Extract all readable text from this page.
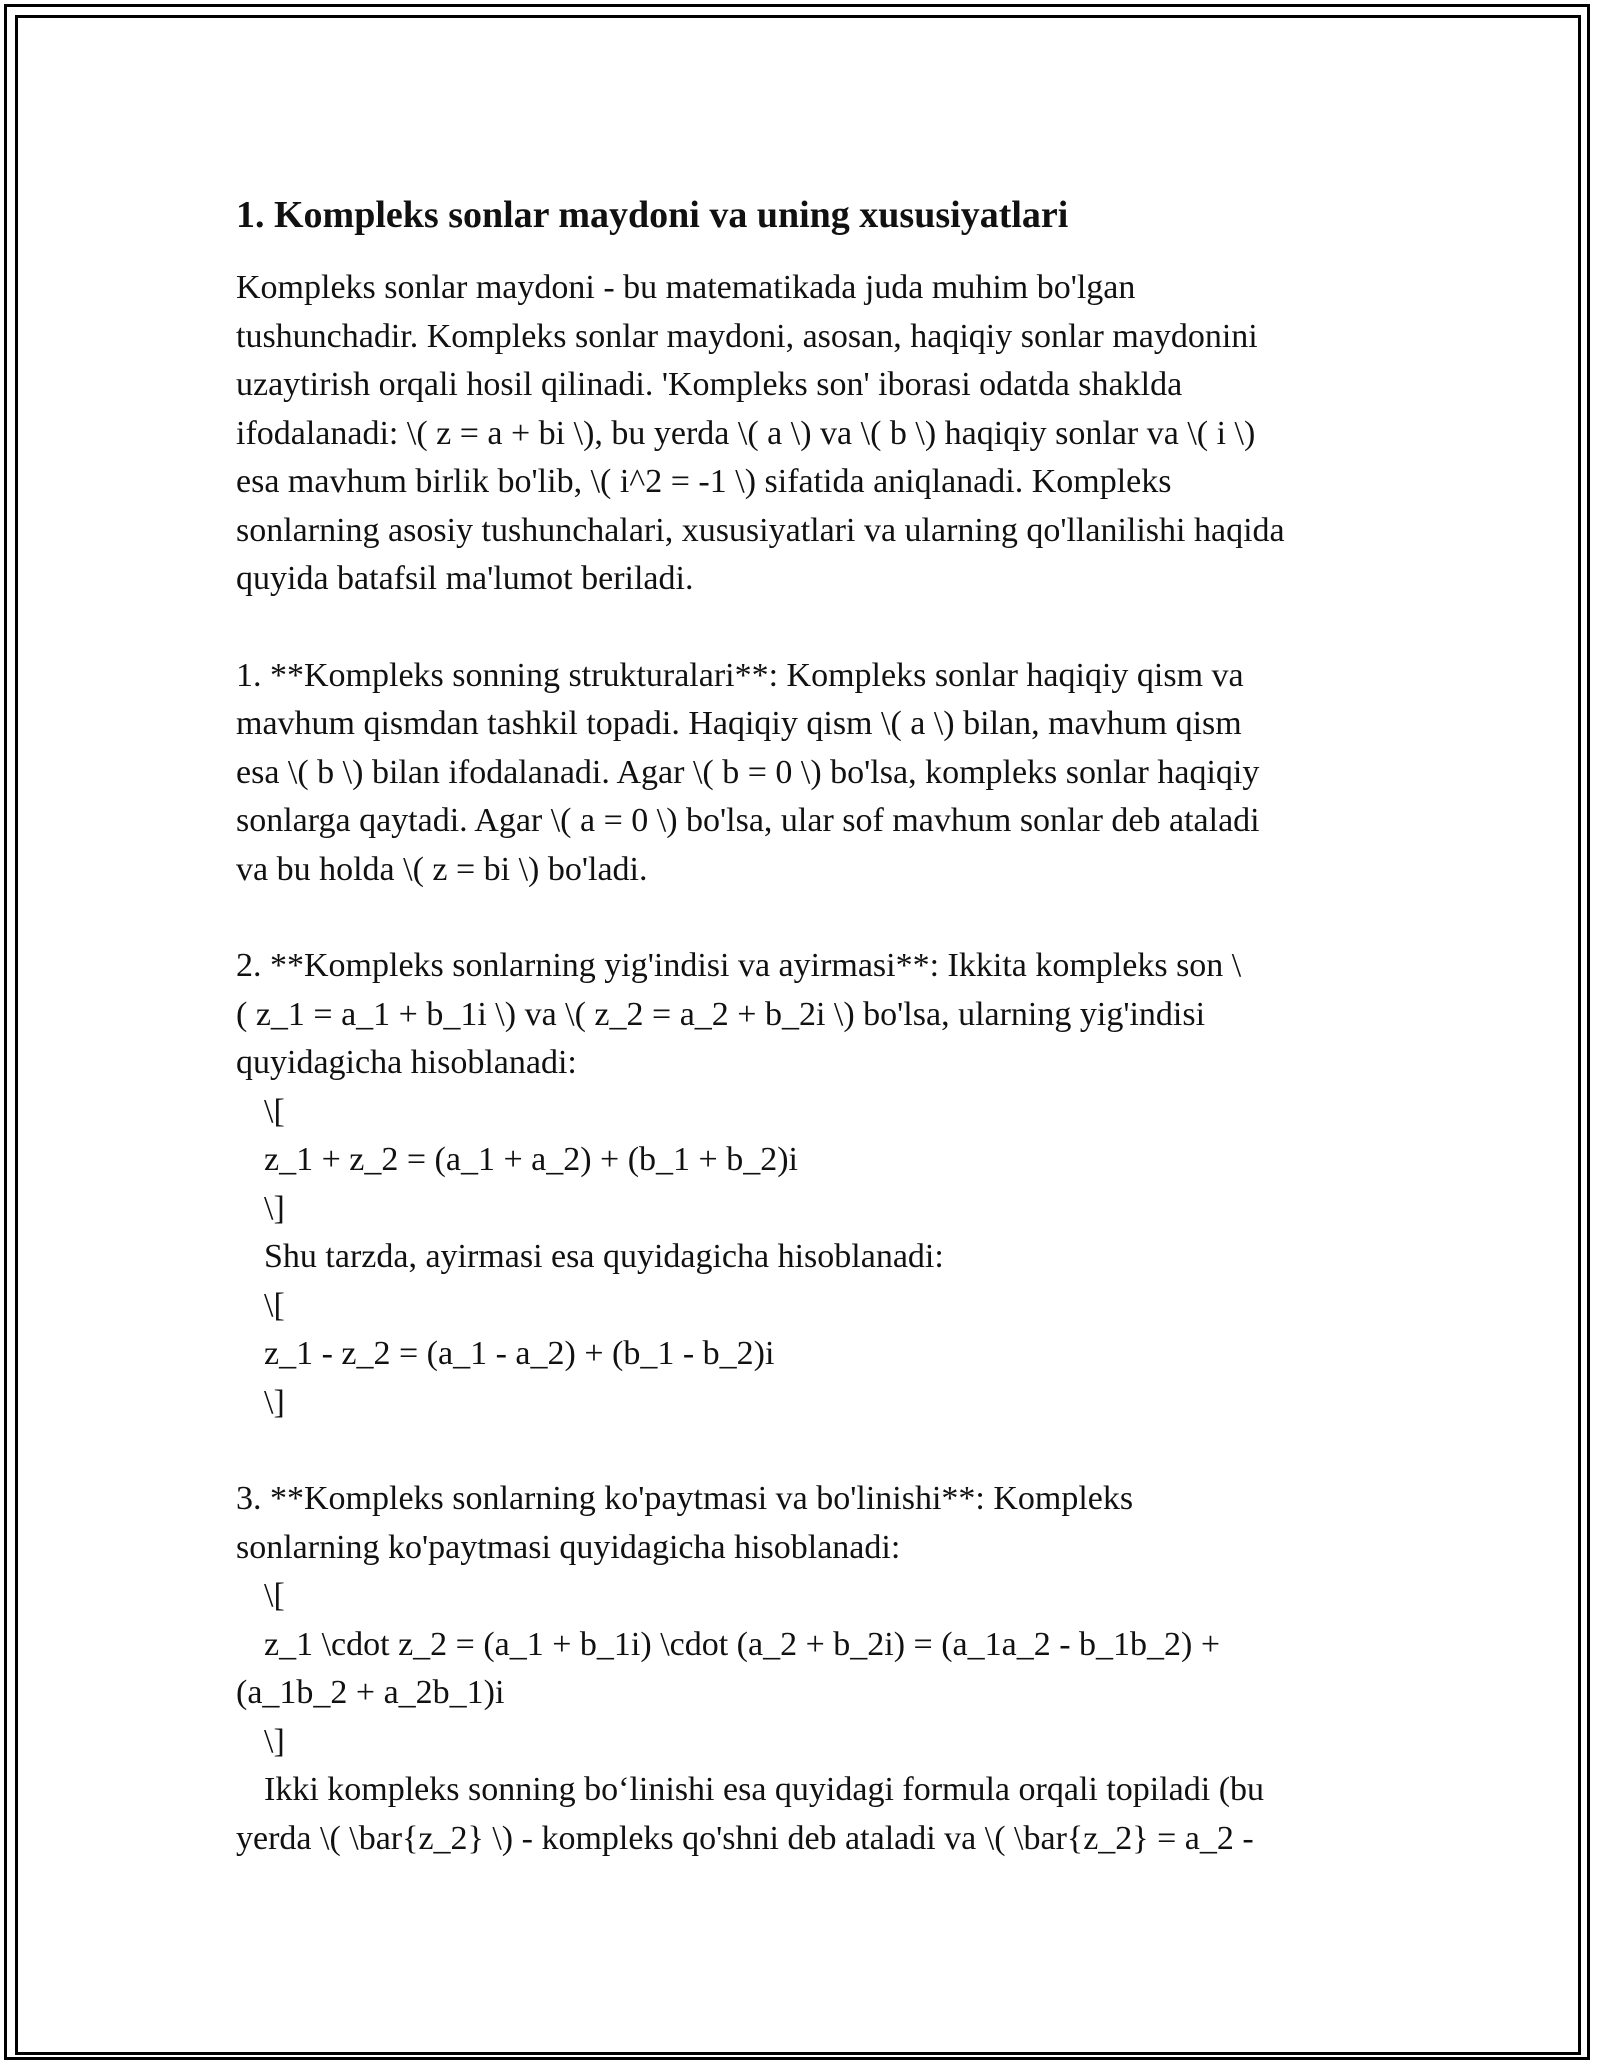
1. Kompleks sonlar maydoni va uning xususiyatlari

Kompleks sonlar maydoni - bu matematikada juda muhim bo'lgan
tushunchadir. Kompleks sonlar maydoni, asosan, haqiqiy sonlar maydonini
uzaytirish orqali hosil qilinadi. 'Kompleks son' iborasi odatda shaklda
ifodalanadi: \( z = a + bi \), bu yerda \( a \) va \( b \) haqiqiy sonlar va \( i \)
esa mavhum birlik bo'lib, \( i^2 = -1 \) sifatida aniqlanadi. Kompleks
sonlarning asosiy tushunchalari, xususiyatlari va ularning qo'llanilishi haqida
quyida batafsil ma'lumot beriladi.

1. **Kompleks sonning strukturalari**: Kompleks sonlar haqiqiy qism va
mavhum qismdan tashkil topadi. Haqiqiy qism \( a \) bilan, mavhum qism
esa \( b \) bilan ifodalanadi. Agar \( b = 0 \) bo'lsa, kompleks sonlar haqiqiy
sonlarga qaytadi. Agar \( a = 0 \) bo'lsa, ular sof mavhum sonlar deb ataladi
va bu holda \( z = bi \) bo'ladi.

2. **Kompleks sonlarning yig'indisi va ayirmasi**: Ikkita kompleks son \
( z_1 = a_1 + b_1i \) va \( z_2 = a_2 + b_2i \) bo'lsa, ularning yig'indisi
quyidagicha hisoblanadi:
\[
z_1 + z_2 = (a_1 + a_2) + (b_1 + b_2)i
\]
Shu tarzda, ayirmasi esa quyidagicha hisoblanadi:
\[
z_1 - z_2 = (a_1 - a_2) + (b_1 - b_2)i
\]

3. **Kompleks sonlarning ko'paytmasi va bo'linishi**: Kompleks
sonlarning ko'paytmasi quyidagicha hisoblanadi:
\[
z_1 \cdot z_2 = (a_1 + b_1i) \cdot (a_2 + b_2i) = (a_1a_2 - b_1b_2) +
(a_1b_2 + a_2b_1)i
\]
Ikki kompleks sonning bo‘linishi esa quyidagi formula orqali topiladi (bu
yerda \( \bar{z_2} \) - kompleks qo'shni deb ataladi va \( \bar{z_2} = a_2 -
